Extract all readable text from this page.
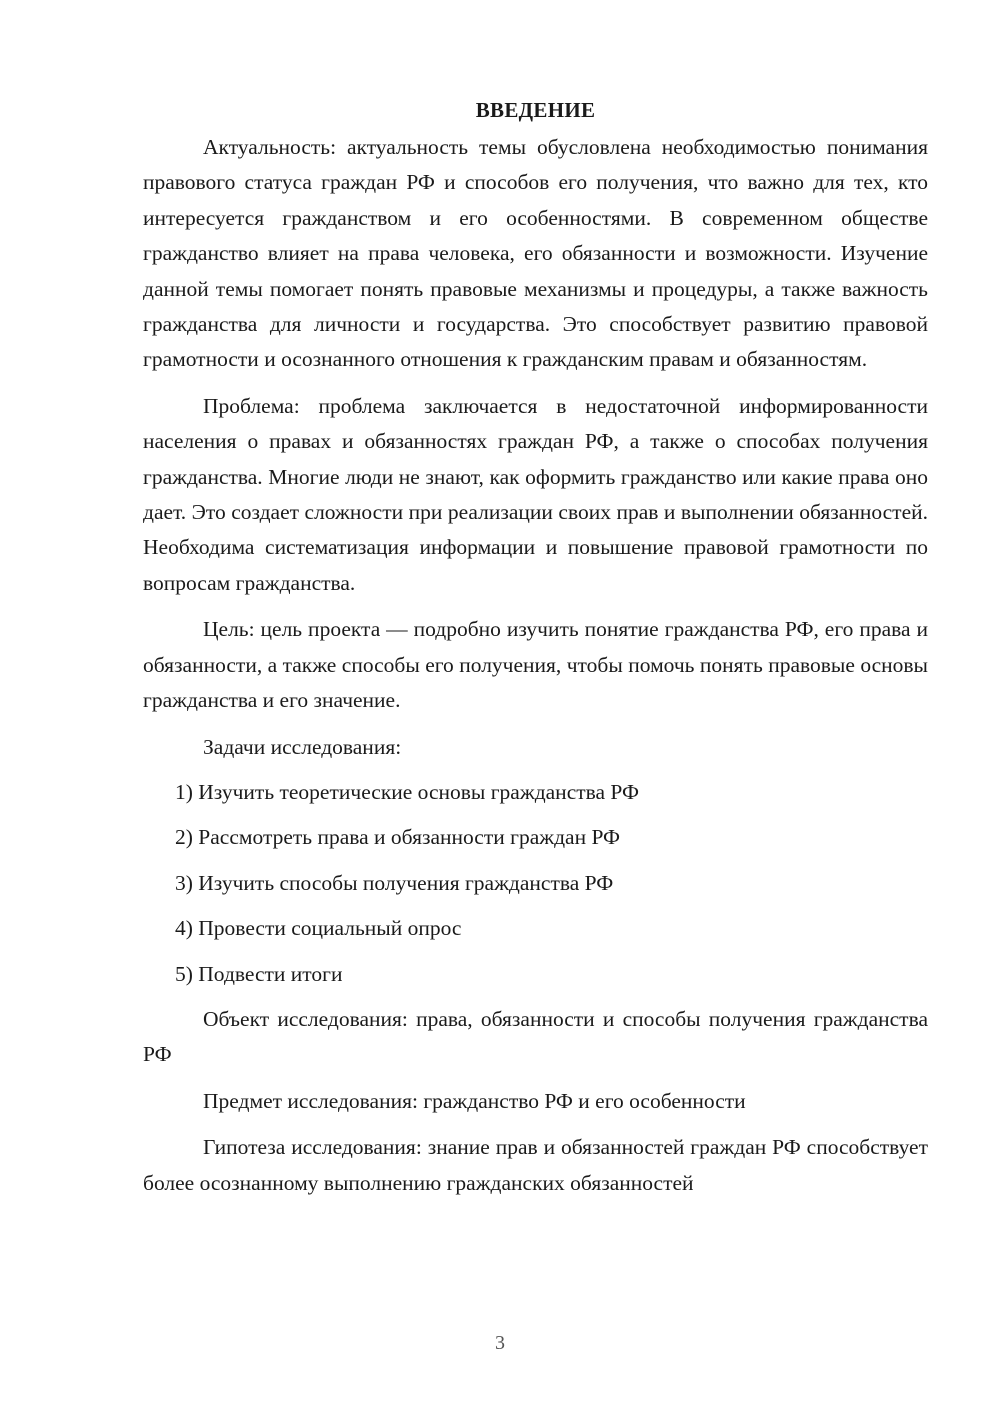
ВВЕДЕНИЕ

Актуальность: актуальность темы обусловлена необходимостью понимания правового статуса граждан РФ и способов его получения, что важно для тех, кто интересуется гражданством и его особенностями. В современном обществе гражданство влияет на права человека, его обязанности и возможности. Изучение данной темы помогает понять правовые механизмы и процедуры, а также важность гражданства для личности и государства. Это способствует развитию правовой грамотности и осознанного отношения к гражданским правам и обязанностям.

Проблема: проблема заключается в недостаточной информированности населения о правах и обязанностях граждан РФ, а также о способах получения гражданства. Многие люди не знают, как оформить гражданство или какие права оно дает. Это создает сложности при реализации своих прав и выполнении обязанностей. Необходима систематизация информации и повышение правовой грамотности по вопросам гражданства.

Цель: цель проекта — подробно изучить понятие гражданства РФ, его права и обязанности, а также способы его получения, чтобы помочь понять правовые основы гражданства и его значение.

Задачи исследования:

1) Изучить теоретические основы гражданства РФ
2) Рассмотреть права и обязанности граждан РФ
3) Изучить способы получения гражданства РФ
4) Провести социальный опрос
5) Подвести итоги

Объект исследования: права, обязанности и способы получения гражданства РФ

Предмет исследования: гражданство РФ и его особенности

Гипотеза исследования: знание прав и обязанностей граждан РФ способствует более осознанному выполнению гражданских обязанностей

3
